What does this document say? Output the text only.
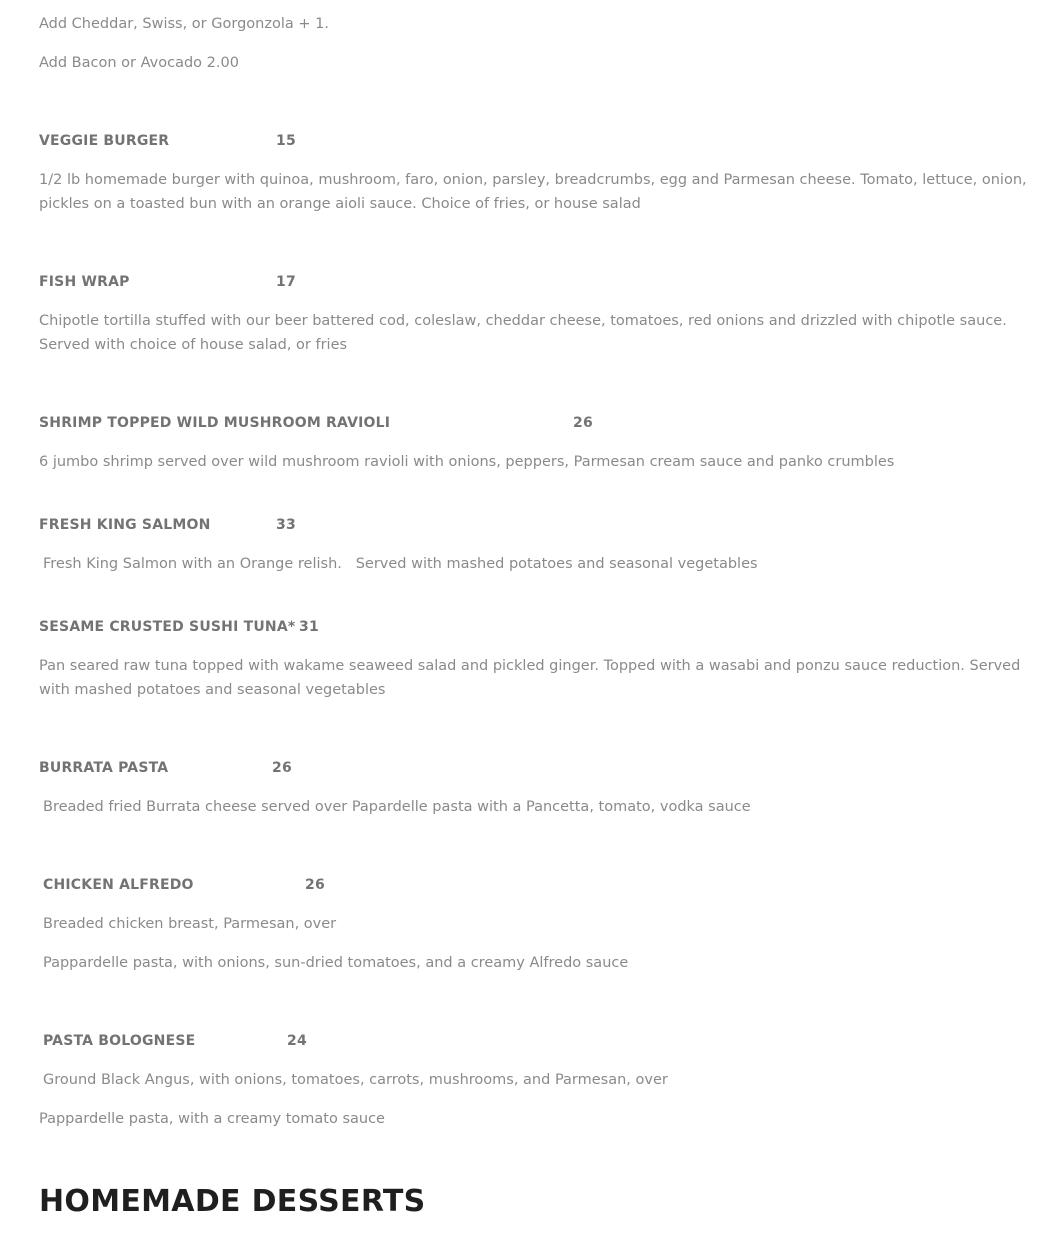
Add Cheddar, Swiss, or Gorgonzola + 1.

Add Bacon or Avocado 2.00

VEGGIE BURGER	15

1/2 lb homemade burger with quinoa, mushroom, faro, onion, parsley, breadcrumbs, egg and Parmesan cheese. Tomato, lettuce, onion, pickles on a toasted bun with an orange aioli sauce. Choice of fries, or house salad

FISH WRAP	17

Chipotle tortilla stuffed with our beer battered cod, coleslaw, cheddar cheese, tomatoes, red onions and drizzled with chipotle sauce. Served with choice of house salad, or fries

SHRIMP TOPPED WILD MUSHROOM RAVIOLI	26

6 jumbo shrimp served over wild mushroom ravioli with onions, peppers, Parmesan cream sauce and panko crumbles

FRESH KING SALMON	33

Fresh King Salmon with an Orange relish.   Served with mashed potatoes and seasonal vegetables

SESAME CRUSTED SUSHI TUNA* 31

Pan seared raw tuna topped with wakame seaweed salad and pickled ginger. Topped with a wasabi and ponzu sauce reduction. Served with mashed potatoes and seasonal vegetables

BURRATA PASTA	26

Breaded fried Burrata cheese served over Papardelle pasta with a Pancetta, tomato, vodka sauce

CHICKEN ALFREDO	26

Breaded chicken breast, Parmesan, over

Pappardelle pasta, with onions, sun-dried tomatoes, and a creamy Alfredo sauce

PASTA BOLOGNESE	24

Ground Black Angus, with onions, tomatoes, carrots, mushrooms, and Parmesan, over

Pappardelle pasta, with a creamy tomato sauce

HOMEMADE DESSERTS
